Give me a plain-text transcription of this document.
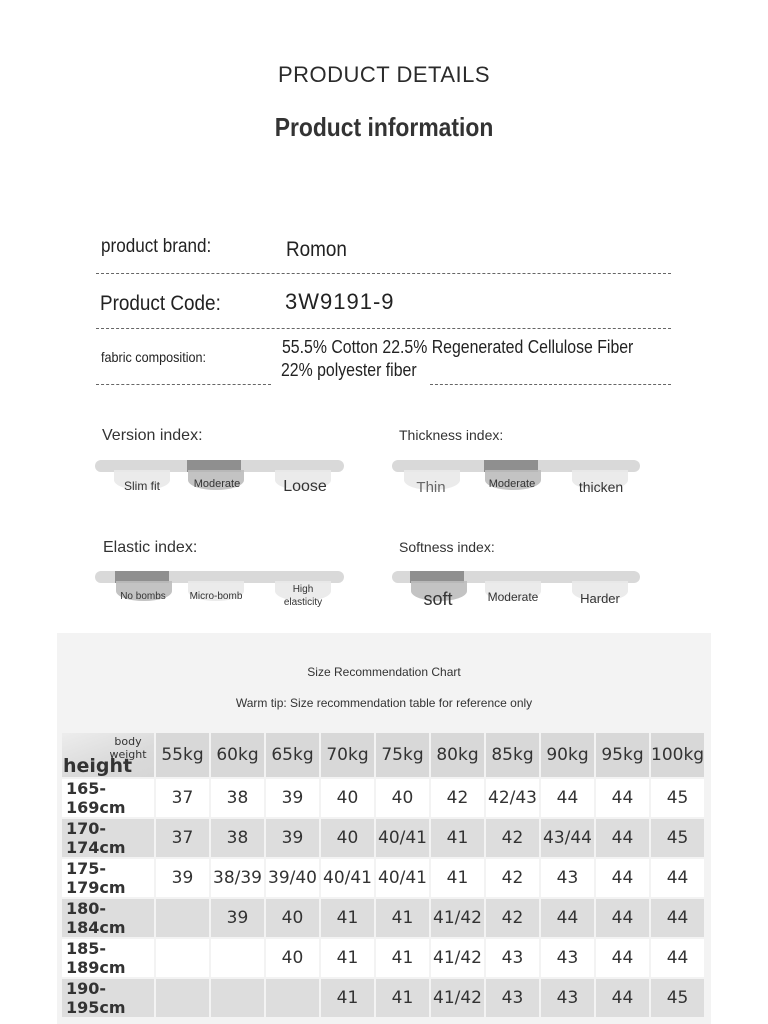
PRODUCT DETAILS
Product information
product brand:	Romon
Product Code:	3W9191-9
fabric composition:	55.5% Cotton 22.5% Regenerated Cellulose Fiber
22% polyester fiber
Version index:
Slim fit	Moderate	Loose
Thickness index:
Thin	Moderate	thicken
Elastic index:
No bombs	Micro-bomb
High elasticity
Softness index:
soft	Moderate	Harder
Size Recommendation Chart
Warm tip: Size recommendation table for reference only
body weight
height	55kg	60kg	65kg	70kg	75kg	80kg	85kg	90kg	95kg	100kg
165-169cm	37	38	39	40	40	42	42/43	44	44	45
170-174cm	37	38	39	40	40/41	41	42	43/44	44	45
175-179cm	39	38/39	39/40	40/41	40/41	41	42	43	44	44
180-184cm		39	40	41	41	41/42	42	44	44	44
185-189cm			40	41	41	41/42	43	43	44	44
190-195cm				41	41	41/42	43	43	44	45
